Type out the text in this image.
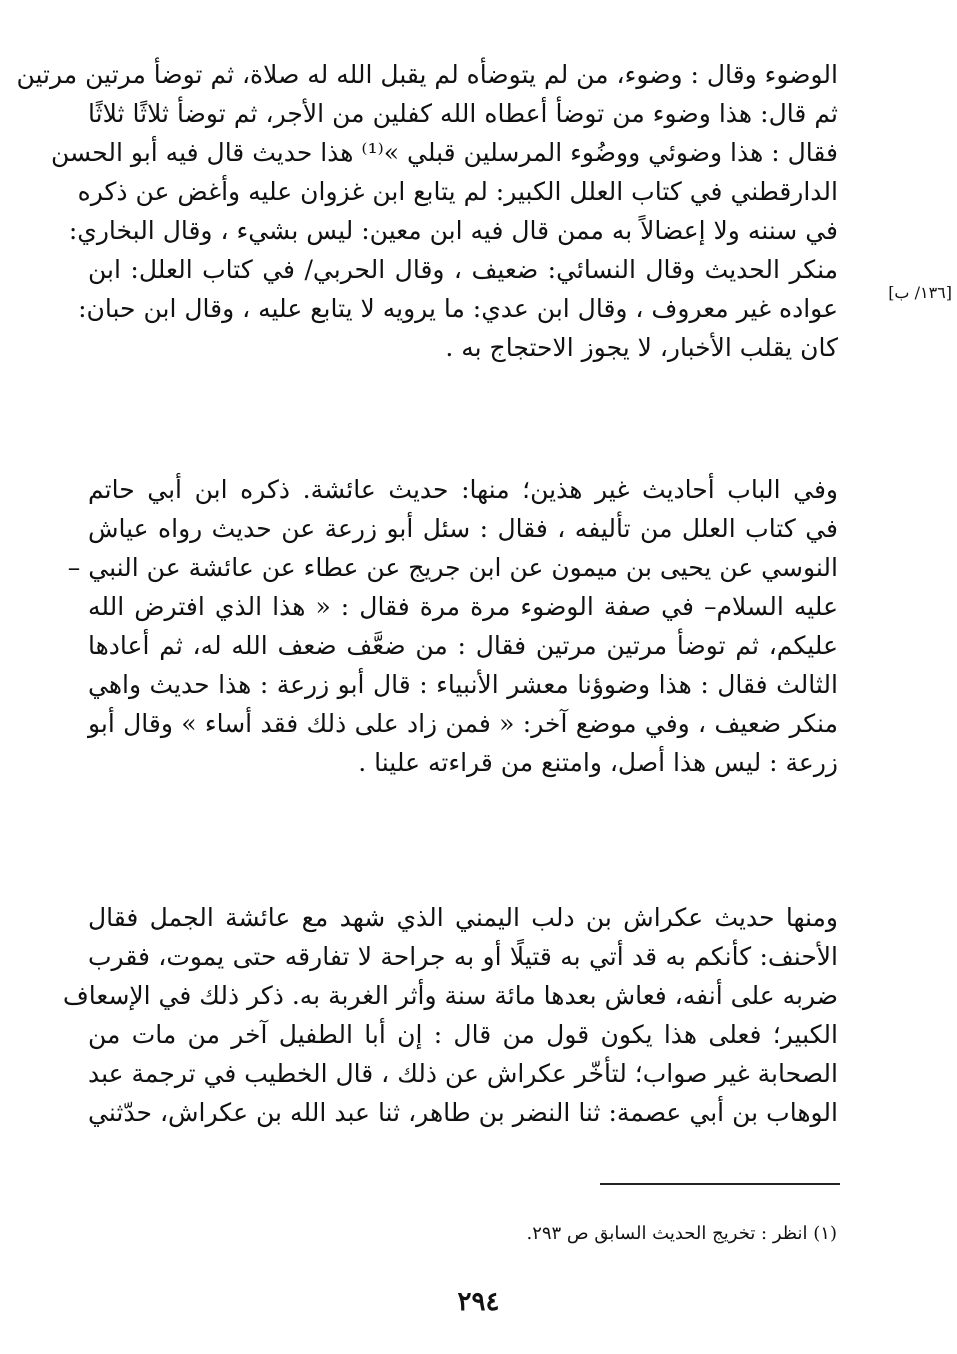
[١٣٦/ ب]
الوضوء وقال : وضوء، من لم يتوضأه لم يقبل الله له صلاة، ثم توضأ مرتين مرتين
ثم قال: هذا وضوء من توضأ أعطاه الله كفلين من الأجر، ثم توضأ ثلاثًا ثلاثًا
فقال : هذا وضوئي ووضُوء المرسلين قبلي »⁽¹⁾ هذا حديث قال فيه أبو الحسن
الدارقطني في كتاب العلل الكبير: لم يتابع ابن غزوان عليه وأغض عن ذكره
في سننه ولا إعضالاً به ممن قال فيه ابن معين: ليس بشيء ، وقال البخاري:
منكر الحديث وقال النسائي: ضعيف ، وقال الحربي/ في كتاب العلل: ابن
عواده غير معروف ، وقال ابن عدي: ما يرويه لا يتابع عليه ، وقال ابن حبان:
كان يقلب الأخبار، لا يجوز الاحتجاج به .
وفي الباب أحاديث غير هذين؛ منها: حديث عائشة. ذكره ابن أبي حاتم
في كتاب العلل من تأليفه ، فقال : سئل أبو زرعة عن حديث رواه عياش
النوسي عن يحيى بن ميمون عن ابن جريج عن عطاء عن عائشة عن النبي –
عليه السلام– في صفة الوضوء مرة مرة فقال : « هذا الذي افترض الله
عليكم، ثم توضأ مرتين مرتين فقال : من ضعَّف ضعف الله له، ثم أعادها
الثالث فقال : هذا وضوؤنا معشر الأنبياء : قال أبو زرعة : هذا حديث واهي
منكر ضعيف ، وفي موضع آخر: « فمن زاد على ذلك فقد أساء » وقال أبو
زرعة : ليس هذا أصل، وامتنع من قراءته علينا .
ومنها حديث عكراش بن دلب اليمني الذي شهد مع عائشة الجمل فقال
الأحنف: كأنكم به قد أتي به قتيلًا أو به جراحة لا تفارقه حتى يموت، فقرب
ضربه على أنفه، فعاش بعدها مائة سنة وأثر الغربة به. ذكر ذلك في الإسعاف
الكبير؛ فعلى هذا يكون قول من قال : إن أبا الطفيل آخر من مات من
الصحابة غير صواب؛ لتأخّر عكراش عن ذلك ، قال الخطيب في ترجمة عبد
الوهاب بن أبي عصمة: ثنا النضر بن طاهر، ثنا عبد الله بن عكراش، حدّثني
(١) انظر : تخريج الحديث السابق ص ٢٩٣.
٢٩٤
